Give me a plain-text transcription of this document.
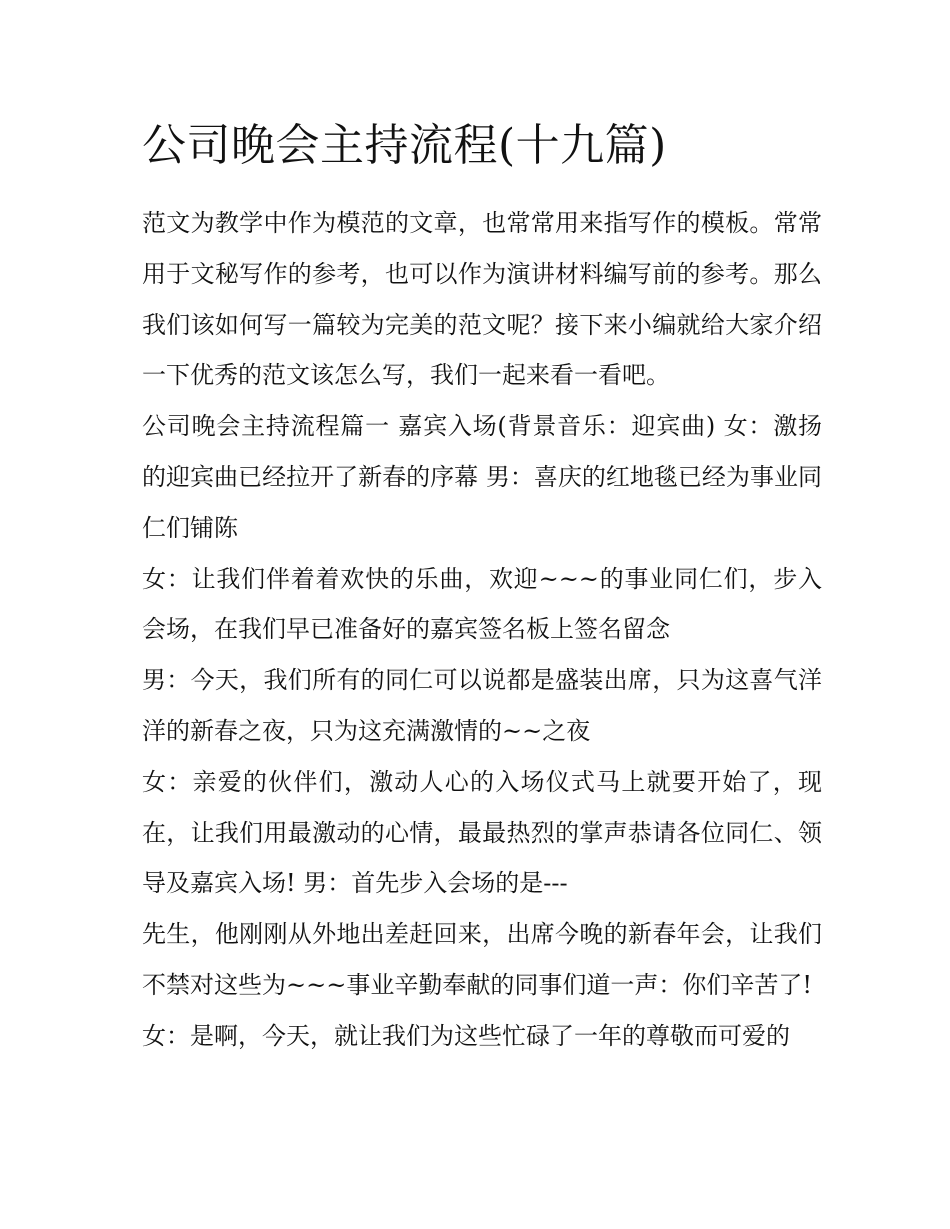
公司晚会主持流程(十九篇)

范文为教学中作为模范的文章，也常常用来指写作的模板。常常用于文秘写作的参考，也可以作为演讲材料编写前的参考。那么我们该如何写一篇较为完美的范文呢？接下来小编就给大家介绍一下优秀的范文该怎么写，我们一起来看一看吧。

公司晚会主持流程篇一 嘉宾入场(背景音乐：迎宾曲) 女：激扬的迎宾曲已经拉开了新春的序幕 男：喜庆的红地毯已经为事业同仁们铺陈

女：让我们伴着着欢快的乐曲，欢迎~~~的事业同仁们，步入会场，在我们早已准备好的嘉宾签名板上签名留念

男：今天，我们所有的同仁可以说都是盛装出席，只为这喜气洋洋的新春之夜，只为这充满激情的~~之夜

女：亲爱的伙伴们，激动人心的入场仪式马上就要开始了，现在，让我们用最激动的心情，最最热烈的掌声恭请各位同仁、领导及嘉宾入场! 男：首先步入会场的是---

先生，他刚刚从外地出差赶回来，出席今晚的新春年会，让我们不禁对这些为~~~事业辛勤奉献的同事们道一声：你们辛苦了!

女：是啊，今天，就让我们为这些忙碌了一年的尊敬而可爱的
